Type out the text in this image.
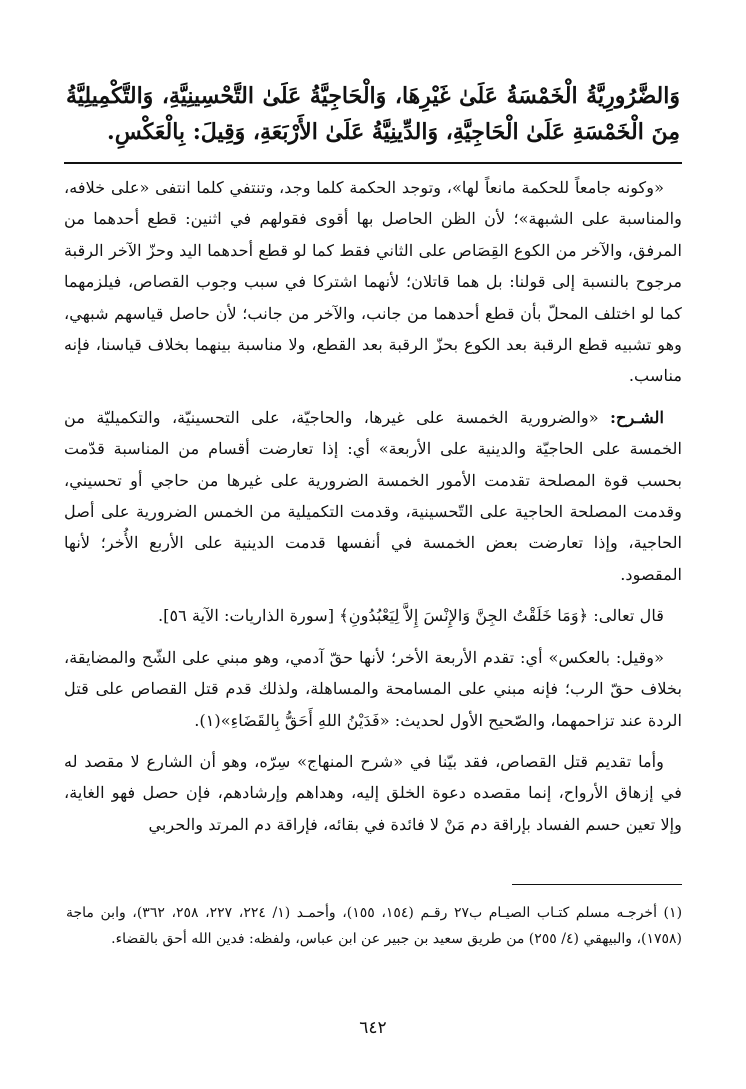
وَالضَّرُورِيَّةُ الْخَمْسَةُ عَلَىٰ غَيْرِهَا، وَالْحَاجِيَّةُ عَلَىٰ التَّحْسِينِيَّةِ، وَالتَّكْمِيلِيَّةُ مِنَ الْخَمْسَةِ عَلَىٰ الْحَاجِيَّةِ، وَالدِّينِيَّةُ عَلَىٰ الأَرْبَعَةِ، وَقِيلَ: بِالْعَكْسِ.

«وكونه جامعاً للحكمة مانعاً لها»، وتوجد الحكمة كلما وجد، وتنتفي كلما انتفى «على خلافه، والمناسبة على الشبهة»؛ لأن الظن الحاصل بها أقوى فقولهم في اثنين: قطع أحدهما من المرفق، والآخر من الكوع القِصَاص على الثاني فقط كما لو قطع أحدهما اليد وحزّ الآخر الرقبة مرجوح بالنسبة إلى قولنا: بل هما قاتلان؛ لأنهما اشتركا في سبب وجوب القصاص، فيلزمهما كما لو اختلف المحلّ بأن قطع أحدهما من جانب، والآخر من جانب؛ لأن حاصل قياسهم شبهي، وهو تشبيه قطع الرقبة بعد الكوع بحزّ الرقبة بعد القطع، ولا مناسبة بينهما بخلاف قياسنا، فإنه مناسب.

الشـرح: «والضرورية الخمسة على غيرها، والحاجيّة، على التحسينيّة، والتكميليّة من الخمسة على الحاجيّة والدينية على الأربعة» أي: إذا تعارضت أقسام من المناسبة قدّمت بحسب قوة المصلحة تقدمت الأمور الخمسة الضرورية على غيرها من حاجي أو تحسيني، وقدمت المصلحة الحاجية على التّحسينية، وقدمت التكميلية من الخمس الضرورية على أصل الحاجية، وإذا تعارضت بعض الخمسة في أنفسها قدمت الدينية على الأربع الأُخر؛ لأنها المقصود.

قال تعالى: ﴿وَمَا خَلَقْتُ الجِنَّ وَالإِنْسَ إِلاَّ لِيَعْبُدُونِ﴾ [سورة الذاريات: الآية ٥٦].

«وقيل: بالعكس» أي: تقدم الأربعة الأخر؛ لأنها حقّ آدمي، وهو مبني على الشّح والمضايقة، بخلاف حقّ الرب؛ فإنه مبني على المسامحة والمساهلة، ولذلك قدم قتل القصاص على قتل الردة عند تزاحمهما، والصّحيح الأول لحديث: «فَدَيْنُ اللهِ أَحَقُّ بِالقَضَاءِ»(١).

وأما تقديم قتل القصاص، فقد بيّنا في «شرح المنهاج» سِرّه، وهو أن الشارع لا مقصد له في إزهاق الأرواح، إنما مقصده دعوة الخلق إليه، وهداهم وإرشادهم، فإن حصل فهو الغاية، وإلا تعين حسم الفساد بإراقة دم مَنْ لا فائدة في بقائه، فإراقة دم المرتد والحربي

(١) أخرجـه مسلم كتـاب الصيـام ب٢٧ رقـم (١٥٤، ١٥٥)، وأحمـد (١/ ٢٢٤، ٢٢٧، ٢٥٨، ٣٦٢)، وابن ماجة (١٧٥٨)، والبيهقي (٤/ ٢٥٥) من طريق سعيد بن جبير عن ابن عباس، ولفظه: فدين الله أحق بالقضاء.

٦٤٢
